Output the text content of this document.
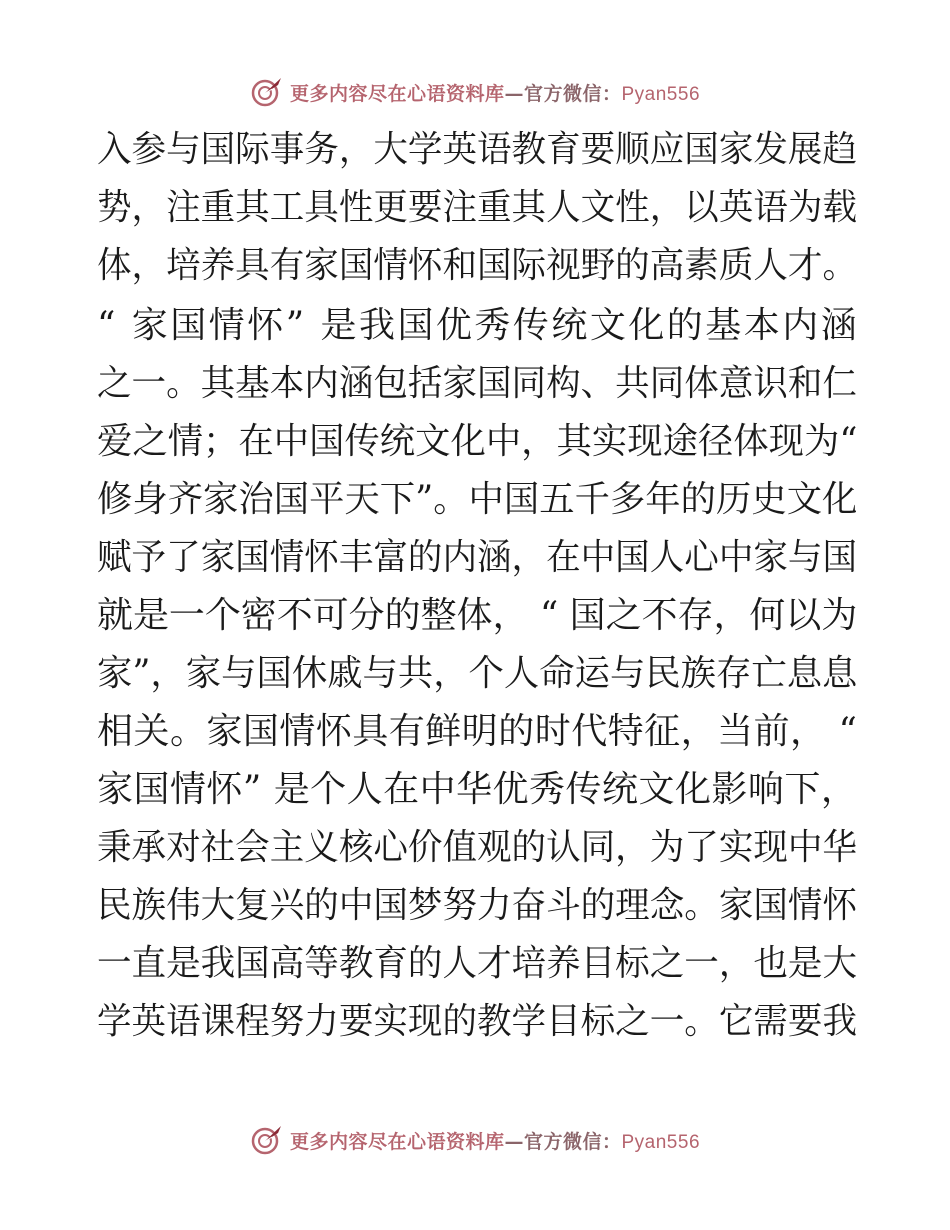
更多内容尽在心语资料库—官方微信：Pyan556
入参与国际事务，大学英语教育要顺应国家发展趋
势，注重其工具性更要注重其人文性，以英语为载
体，培养具有家国情怀和国际视野的高素质人才。
“ 家国情怀” 是我国优秀传统文化的基本内涵
之一。其基本内涵包括家国同构、共同体意识和仁
爱之情；在中国传统文化中，其实现途径体现为“
修身齐家治国平天下”。中国五千多年的历史文化
赋予了家国情怀丰富的内涵，在中国人心中家与国
就是一个密不可分的整体， “ 国之不存，何以为
家”，家与国休戚与共，个人命运与民族存亡息息
相关。家国情怀具有鲜明的时代特征，当前， “
家国情怀” 是个人在中华优秀传统文化影响下，
秉承对社会主义核心价值观的认同，为了实现中华
民族伟大复兴的中国梦努力奋斗的理念。家国情怀
一直是我国高等教育的人才培养目标之一，也是大
学英语课程努力要实现的教学目标之一。它需要我
更多内容尽在心语资料库—官方微信：Pyan556
